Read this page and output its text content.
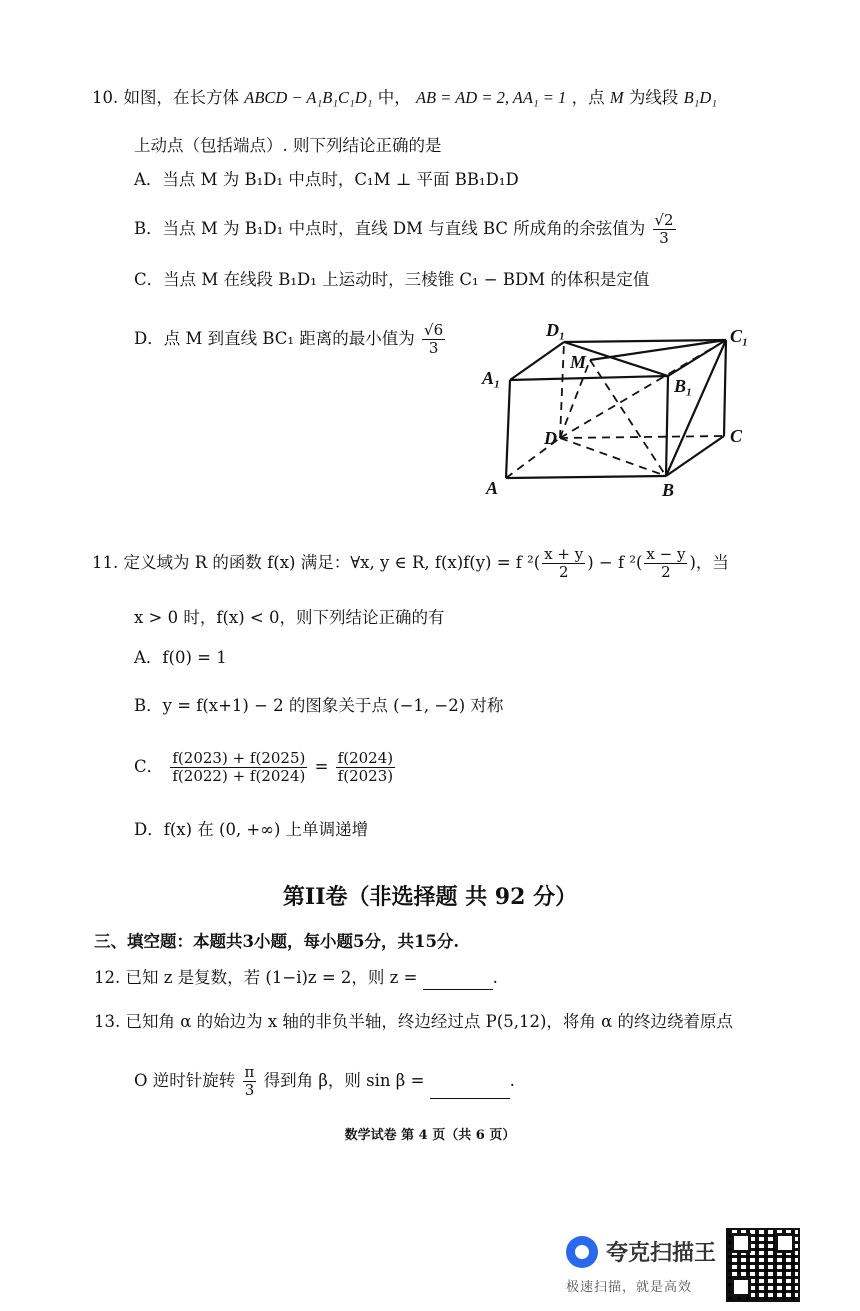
10. 如图，在长方体 ABCD − A₁B₁C₁D₁ 中， AB = AD = 2, AA₁ = 1 ，点 M 为线段 B₁D₁
上动点（包括端点）. 则下列结论正确的是
A．当点 M 为 B₁D₁ 中点时，C₁M ⊥ 平面 BB₁D₁D
B．当点 M 为 B₁D₁ 中点时，直线 DM 与直线 BC 所成角的余弦值为 $\frac{√2}{3}$
C．当点 M 在线段 B₁D₁ 上运动时，三棱锥 C₁ − BDM 的体积是定值
D．点 M 到直线 BC₁ 距离的最小值为 $\frac{√6}{3}$	D₁	C₁
A₁	B₁
M
D	C
A	B
11. 定义域为 R 的函数 f(x) 满足：∀x, y ∈ R, f(x)f(y) = f $^2( \frac{x + y}{2}$ ) − f $^2( \frac{x - y}{2}$ )，当
x > 0 时，f(x) < 0，则下列结论正确的有
A．f(0) = 1
B．y = f(x+1) − 2 的图象关于点 (−1, −2) 对称
C． $\frac{f(2023) + f(2025)}{f(2022) + f(2024)} = \frac{f(2024)}{f(2023)}$
D．f(x) 在 (0, +∞) 上单调递增
第II卷（非选择题 共 92 分）
三、填空题：本题共3小题，每小题5分，共15分.
12. 已知 z 是复数，若 (1−i)z = 2，则 z =	.
13. 已知角 α 的始边为 x 轴的非负半轴，终边经过点 P(5,12)，将角 α 的终边绕着原点
O 逆时针旋转 $\frac{\pi}{3}$ 得到角 β，则 sin β =	.
数学试卷 第 4 页（共 6 页）
夸克扫描王
极速扫描，就是高效
